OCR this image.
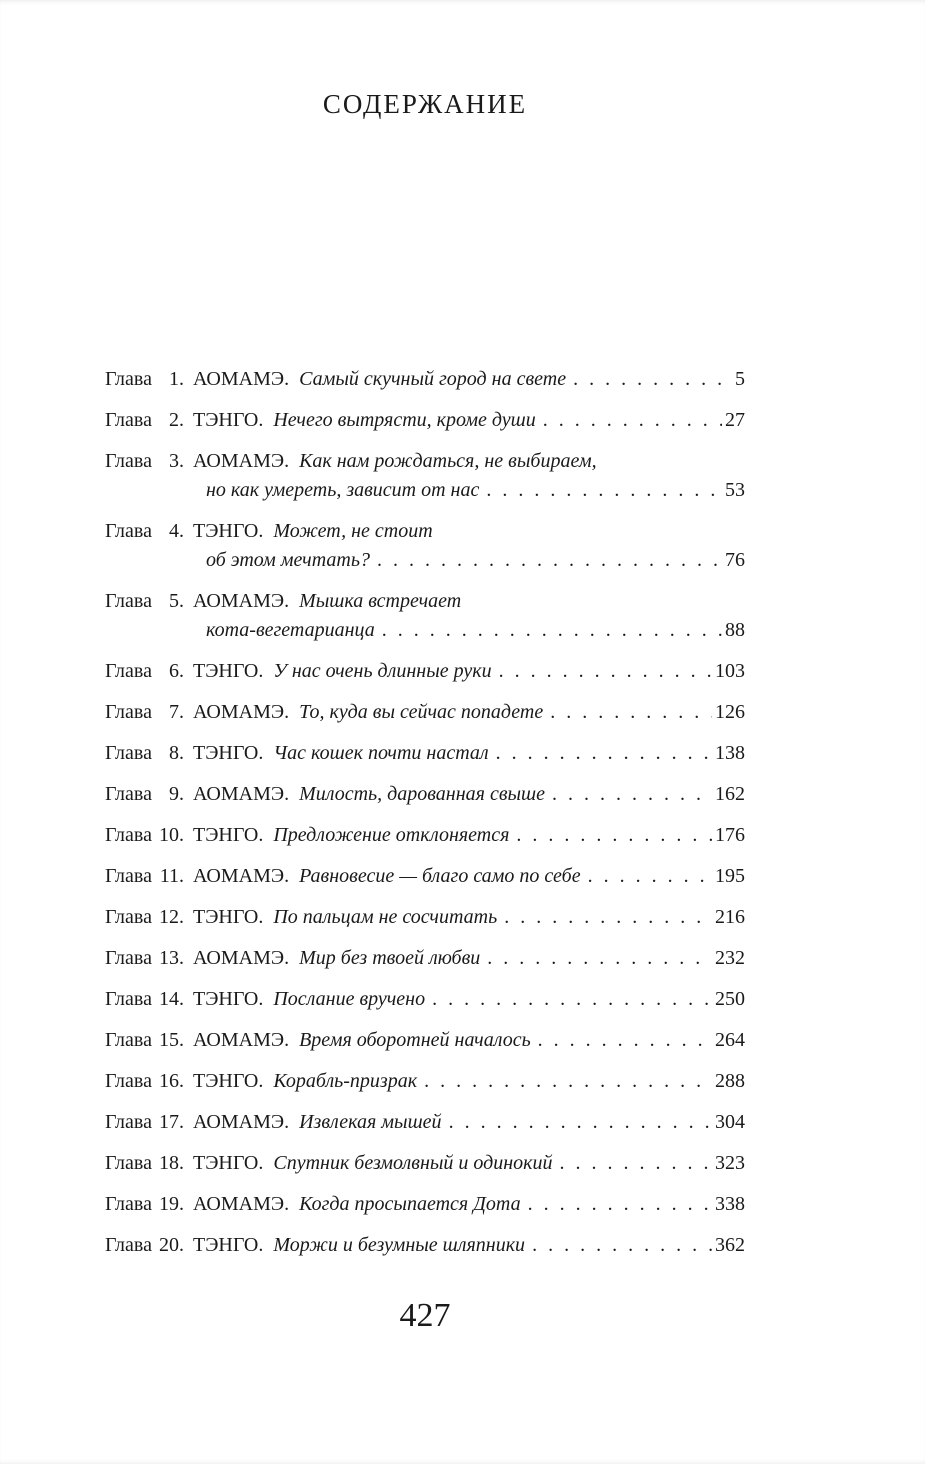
СОДЕРЖАНИЕ
Глава 1. АОМАМЭ. Самый скучный город на свете . . .	5
Глава 2. ТЭНГО. Нечего вытрясти, кроме души . . .	27
Глава 3. АОМАМЭ. Как нам рождаться, не выбираем,
но как умереть, зависит от нас . . .	53
Глава 4. ТЭНГО. Может, не стоит
об этом мечтать? . . .	76
Глава 5. АОМАМЭ. Мышка встречает
кота-вегетарианца . . .	88
Глава 6. ТЭНГО. У нас очень длинные руки . . .	103
Глава 7. АОМАМЭ. То, куда вы сейчас попадете . . .	126
Глава 8. ТЭНГО. Час кошек почти настал . . .	138
Глава 9. АОМАМЭ. Милость, дарованная свыше . . .	162
Глава 10. ТЭНГО. Предложение отклоняется . . .	176
Глава 11. АОМАМЭ. Равновесие — благо само по себе . . .	195
Глава 12. ТЭНГО. По пальцам не сосчитать . . .	216
Глава 13. АОМАМЭ. Мир без твоей любви . . .	232
Глава 14. ТЭНГО. Послание вручено . . .	250
Глава 15. АОМАМЭ. Время оборотней началось . . .	264
Глава 16. ТЭНГО. Корабль-призрак . . .	288
Глава 17. АОМАМЭ. Извлекая мышей . . .	304
Глава 18. ТЭНГО. Спутник безмолвный и одинокий . . .	323
Глава 19. АОМАМЭ. Когда просыпается Дота . . .	338
Глава 20. ТЭНГО. Моржи и безумные шляпники . . .	362
427
